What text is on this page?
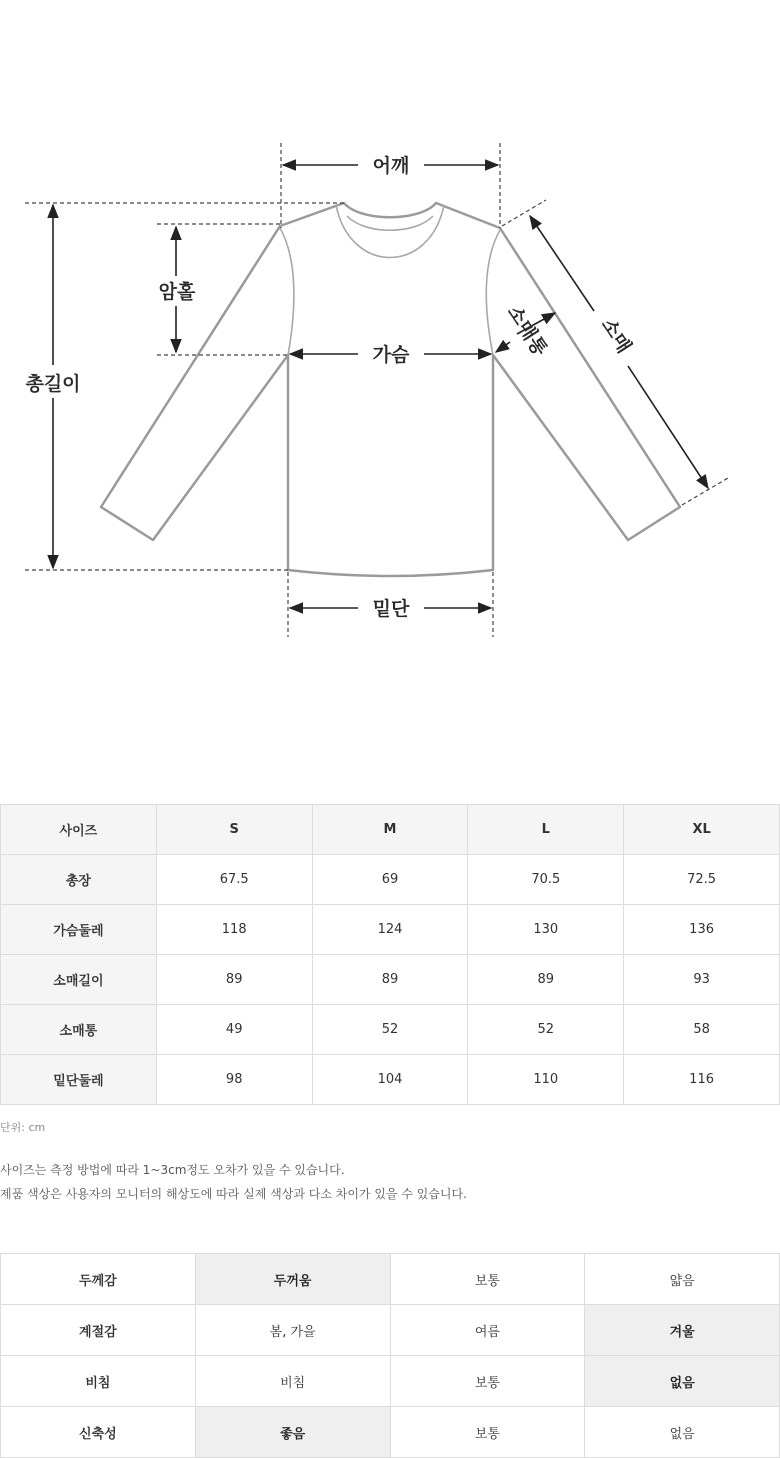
어깨
암홀
총길이
가슴
밑단
소매
소매통
사이즈	S	M	L	XL
총장	67.5	69	70.5	72.5
가슴둘레	118	124	130	136
소매길이	89	89	89	93
소매통	49	52	52	58
밑단둘레	98	104	110	116
단위: cm
사이즈는 측정 방법에 따라 1~3cm정도 오차가 있을 수 있습니다.
제품 색상은 사용자의 모니터의 해상도에 따라 실제 색상과 다소 차이가 있을 수 있습니다.
두께감	두꺼움	보통	얇음
계절감	봄, 가을	여름	겨울
비침	비침	보통	없음
신축성	좋음	보통	없음
